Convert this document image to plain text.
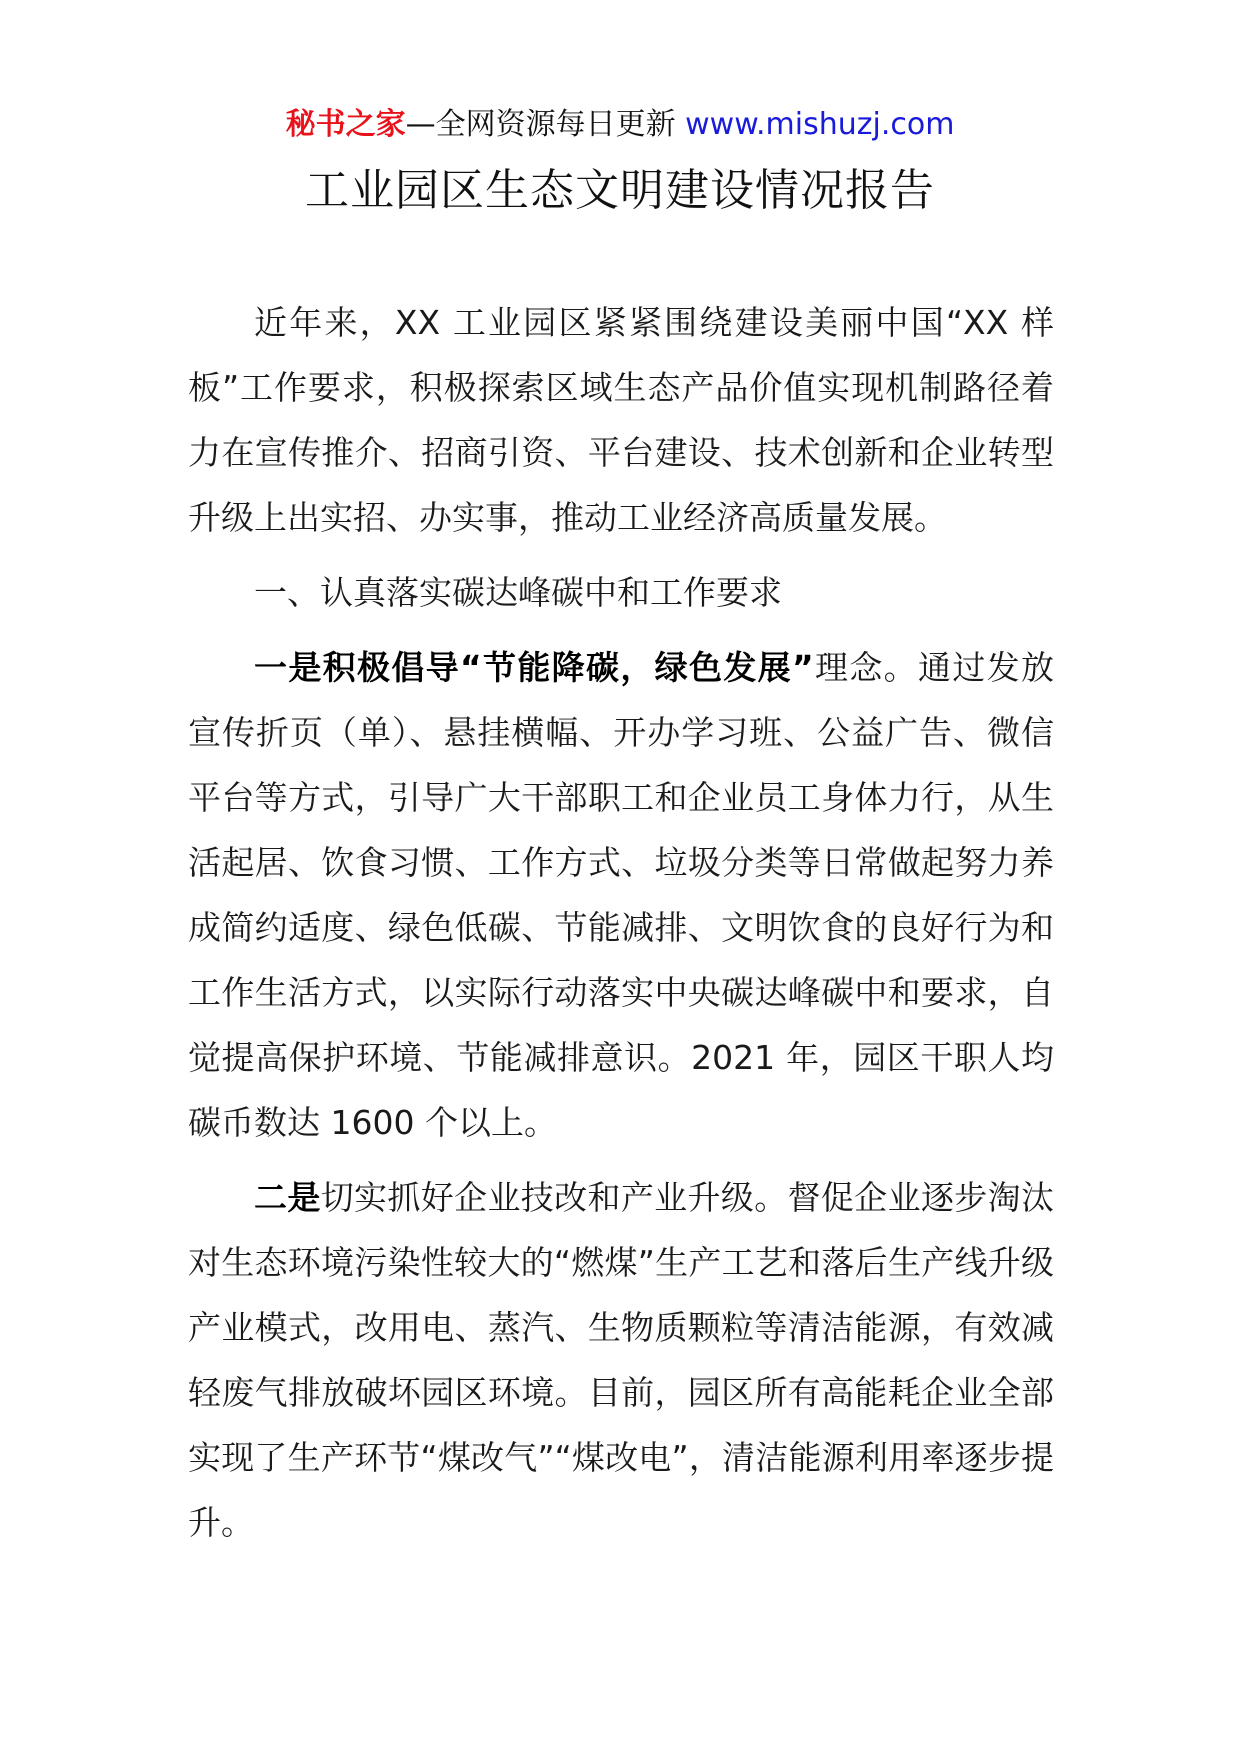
秘书之家—全网资源每日更新 www.mishuzj.com
工业园区生态文明建设情况报告

近年来，XX 工业园区紧紧围绕建设美丽中国“XX 样板”工作要求，积极探索区域生态产品价值实现机制路径着力在宣传推介、招商引资、平台建设、技术创新和企业转型升级上出实招、办实事，推动工业经济高质量发展。

一、认真落实碳达峰碳中和工作要求

一是积极倡导“节能降碳，绿色发展”理念。通过发放宣传折页（单）、悬挂横幅、开办学习班、公益广告、微信平台等方式，引导广大干部职工和企业员工身体力行，从生活起居、饮食习惯、工作方式、垃圾分类等日常做起努力养成简约适度、绿色低碳、节能减排、文明饮食的良好行为和工作生活方式，以实际行动落实中央碳达峰碳中和要求，自觉提高保护环境、节能减排意识。2021 年，园区干职人均碳币数达 1600 个以上。

二是切实抓好企业技改和产业升级。督促企业逐步淘汰对生态环境污染性较大的“燃煤”生产工艺和落后生产线升级产业模式，改用电、蒸汽、生物质颗粒等清洁能源，有效减轻废气排放破坏园区环境。目前，园区所有高能耗企业全部实现了生产环节“煤改气”“煤改电”，清洁能源利用率逐步提升。
